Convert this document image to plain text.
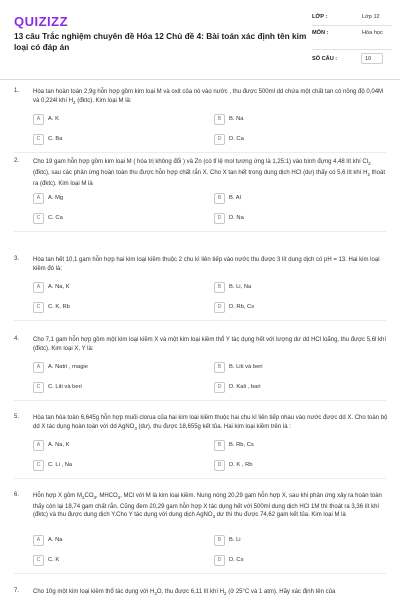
QUIZIZZ
13 câu Trắc nghiệm chuyên đề Hóa 12 Chủ đề 4: Bài toán xác định tên kim loại có đáp án
LỚP :	Lớp 12
MÔN :	Hóa học
SỐ CÂU :	10
1. Hòa tan hoàn toàn 2,9g hỗn hợp gồm kim loại M và oxit của nó vào nước , thu được 500ml dd chứa một chất tan có nồng độ 0,04M và 0,224l khí $H_2$ (đktc). Kim loại M là:
A	A. K	B	B. Na
C	C. Ba	D	D. Ca
2. Cho 19 gam hỗn hợp gồm kim loại M ( hóa trị không đổi ) và Zn (có tỉ lệ mol tương ứng là 1,25:1) vào bình đựng 4,48 lít khí $Cl_2$ (đktc), sau các phản ứng hoàn toàn thu được hỗn hợp chất rắn X. Cho X tan hết trong dung dịch HCl (dư) thấy có 5,6 lít khí $H_2$ thoát ra (đktc). Kim loại M là
A	A. Mg	B	B. Al
C	C. Ca	D	D. Na
3. Hòa tan hết 10,1 gam hỗn hợp hai kim loại kiềm thuộc 2 chu kì liên tiếp vào nước thu được 3 lít dung dịch có pH = 13. Hai kim loại kiềm đó là:
A	A. Na, K	B	B. Li, Na
C	C. K, Rb	D	D. Rb, Cs
4. Cho 7,1 gam hỗn hợp gồm một kim loại kiềm X và một kim loại kiềm thổ Y tác dụng hết với lượng dư dd HCl loãng, thu được 5,6l khí (đktc). Kim loại X, Y là:
A	A. Natri , magie	B	B. Liti và beri
C	C. Liti và beri	D	D. Kali , bari
5. Hòa tan hòa toàn 6,645g hỗn hợp muối clorua của hai kim loại kiềm thuộc hai chu kì liên tiếp nhau vào nước được dd X. Cho toàn bộ dd X tác dụng hoàn toàn với dd AgNO$_3$ (dư), thu được 18,655g kết tủa. Hai kim loại kiềm trên là :
A	A. Na, K	B	B. Rb, Cs
C	C. Li , Na	D	D. K , Rb
6. Hỗn hợp X gồm $M_2CO_3$, $MHCO_3$, MCl với M là kim loại kiềm. Nung nóng 20,29 gam hỗn hợp X, sau khi phản ứng xảy ra hoàn toàn thấy còn lại 18,74 gam chất rắn. Cũng đem 20,29 gam hỗn hợp X tác dụng hết với 500ml dung dịch HCl 1M thì thoát ra 3,36 lít khí (đktc) và thu được dung dịch Y.Cho Y tác dụng với dung dịch AgNO$_3$ dư thì thu được 74,62 gam kết tủa. Kim loại M là
A	A. Na	B	B. Li
C	C. K	D	D. Cs
7. Cho 10g một kim loại kiềm thổ tác dụng với $H_2O$, thu được 6,11 lít khí $H_2$ (ở 25°C và 1 atm). Hãy xác định tên của
